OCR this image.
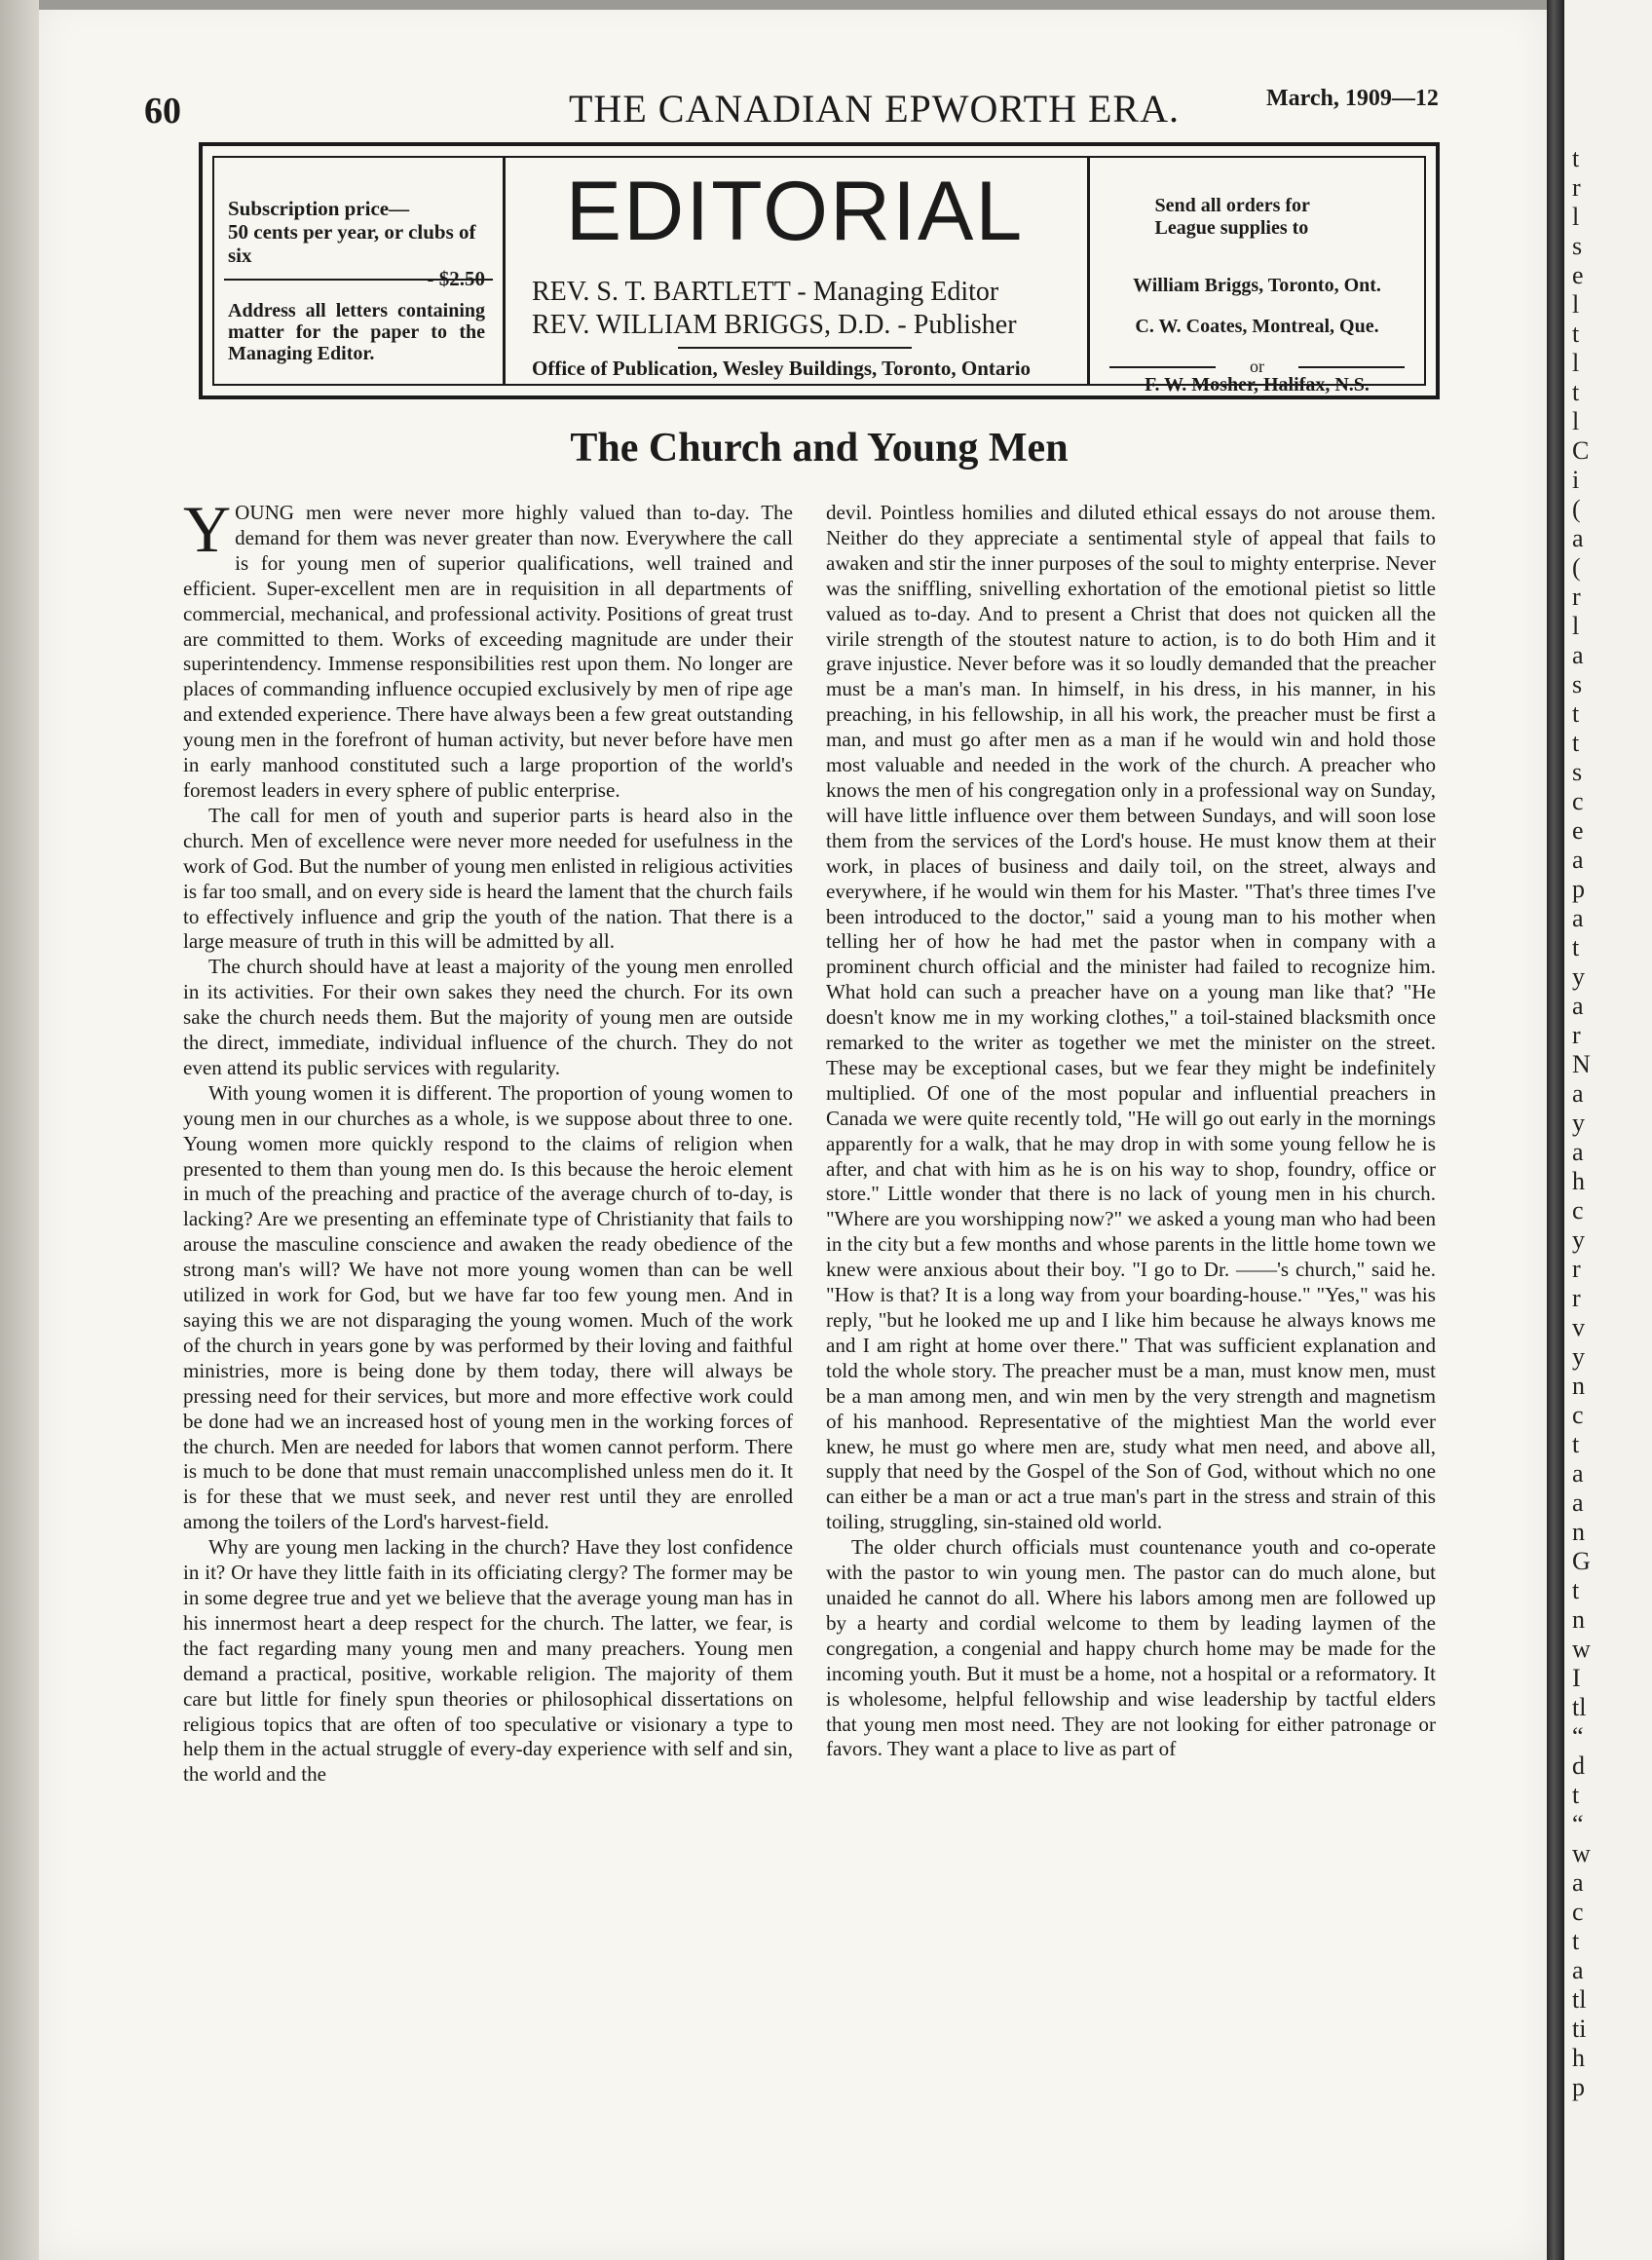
t
r
l
s
e
l
t
l
t
l
C
i
(
a
(
r
l
a
s
t
t
s
c
e
a
p
a
t
y
a
r
N
a
y
a
h
c
y
r
r
v
y
n
c
t
a
a
n
G
t
n
w
I
tl
“
d
t
“
w
a
c
t
a
tl
ti
h
p
60	THE CANADIAN EPWORTH ERA.	March, 1909—12
Subscription price—
50 cents per year, or clubs of six
- $2.50
Address all letters containing matter for the paper to the Managing Editor.
EDITORIAL
REV. S. T. BARTLETT - Managing Editor
REV. WILLIAM BRIGGS, D.D. - Publisher
Office of Publication, Wesley Buildings, Toronto, Ontario
Send all orders for League supplies to
William Briggs, Toronto, Ont.
C. W. Coates, Montreal, Que.
or
F. W. Mosher, Halifax, N.S.
The Church and Young Men

YOUNG men were never more highly valued than to-day. The demand for them was never greater than now. Everywhere the call is for young men of superior qualifications, well trained and efficient. Super-excellent men are in requisition in all departments of commercial, mechanical, and professional activity. Positions of great trust are committed to them. Works of exceeding magnitude are under their superintendency. Immense responsibilities rest upon them. No longer are places of commanding influence occupied exclusively by men of ripe age and extended experience. There have always been a few great outstanding young men in the forefront of human activity, but never before have men in early manhood constituted such a large proportion of the world's foremost leaders in every sphere of public enterprise.

The call for men of youth and superior parts is heard also in the church. Men of excellence were never more needed for usefulness in the work of God. But the number of young men enlisted in religious activities is far too small, and on every side is heard the lament that the church fails to effectively influence and grip the youth of the nation. That there is a large measure of truth in this will be admitted by all.

The church should have at least a majority of the young men enrolled in its activities. For their own sakes they need the church. For its own sake the church needs them. But the majority of young men are outside the direct, immediate, individual influence of the church. They do not even attend its public services with regularity.

With young women it is different. The proportion of young women to young men in our churches as a whole, is we suppose about three to one. Young women more quickly respond to the claims of religion when presented to them than young men do. Is this because the heroic element in much of the preaching and practice of the average church of to-day, is lacking? Are we presenting an effeminate type of Christianity that fails to arouse the masculine conscience and awaken the ready obedience of the strong man's will? We have not more young women than can be well utilized in work for God, but we have far too few young men. And in saying this we are not disparaging the young women. Much of the work of the church in years gone by was performed by their loving and faithful ministries, more is being done by them today, there will always be pressing need for their services, but more and more effective work could be done had we an increased host of young men in the working forces of the church. Men are needed for labors that women cannot perform. There is much to be done that must remain unaccomplished unless men do it. It is for these that we must seek, and never rest until they are enrolled among the toilers of the Lord's harvest-field.

Why are young men lacking in the church? Have they lost confidence in it? Or have they little faith in its officiating clergy? The former may be in some degree true and yet we believe that the average young man has in his innermost heart a deep respect for the church. The latter, we fear, is the fact regarding many young men and many preachers. Young men demand a practical, positive, workable religion. The majority of them care but little for finely spun theories or philosophical dissertations on religious topics that are often of too speculative or visionary a type to help them in the actual struggle of every-day experience with self and sin, the world and the

devil. Pointless homilies and diluted ethical essays do not arouse them. Neither do they appreciate a sentimental style of appeal that fails to awaken and stir the inner purposes of the soul to mighty enterprise. Never was the sniffling, snivelling exhortation of the emotional pietist so little valued as to-day. And to present a Christ that does not quicken all the virile strength of the stoutest nature to action, is to do both Him and it grave injustice. Never before was it so loudly demanded that the preacher must be a man's man. In himself, in his dress, in his manner, in his preaching, in his fellowship, in all his work, the preacher must be first a man, and must go after men as a man if he would win and hold those most valuable and needed in the work of the church. A preacher who knows the men of his congregation only in a professional way on Sunday, will have little influence over them between Sundays, and will soon lose them from the services of the Lord's house. He must know them at their work, in places of business and daily toil, on the street, always and everywhere, if he would win them for his Master. "That's three times I've been introduced to the doctor," said a young man to his mother when telling her of how he had met the pastor when in company with a prominent church official and the minister had failed to recognize him. What hold can such a preacher have on a young man like that? "He doesn't know me in my working clothes," a toil-stained blacksmith once remarked to the writer as together we met the minister on the street. These may be exceptional cases, but we fear they might be indefinitely multiplied. Of one of the most popular and influential preachers in Canada we were quite recently told, "He will go out early in the mornings apparently for a walk, that he may drop in with some young fellow he is after, and chat with him as he is on his way to shop, foundry, office or store." Little wonder that there is no lack of young men in his church. "Where are you worshipping now?" we asked a young man who had been in the city but a few months and whose parents in the little home town we knew were anxious about their boy. "I go to Dr. ——'s church," said he. "How is that? It is a long way from your boarding-house." "Yes," was his reply, "but he looked me up and I like him because he always knows me and I am right at home over there." That was sufficient explanation and told the whole story. The preacher must be a man, must know men, must be a man among men, and win men by the very strength and magnetism of his manhood. Representative of the mightiest Man the world ever knew, he must go where men are, study what men need, and above all, supply that need by the Gospel of the Son of God, without which no one can either be a man or act a true man's part in the stress and strain of this toiling, struggling, sin-stained old world.

The older church officials must countenance youth and co-operate with the pastor to win young men. The pastor can do much alone, but unaided he cannot do all. Where his labors among men are followed up by a hearty and cordial welcome to them by leading laymen of the congregation, a congenial and happy church home may be made for the incoming youth. But it must be a home, not a hospital or a reformatory. It is wholesome, helpful fellowship and wise leadership by tactful elders that young men most need. They are not looking for either patronage or favors. They want a place to live as part of
